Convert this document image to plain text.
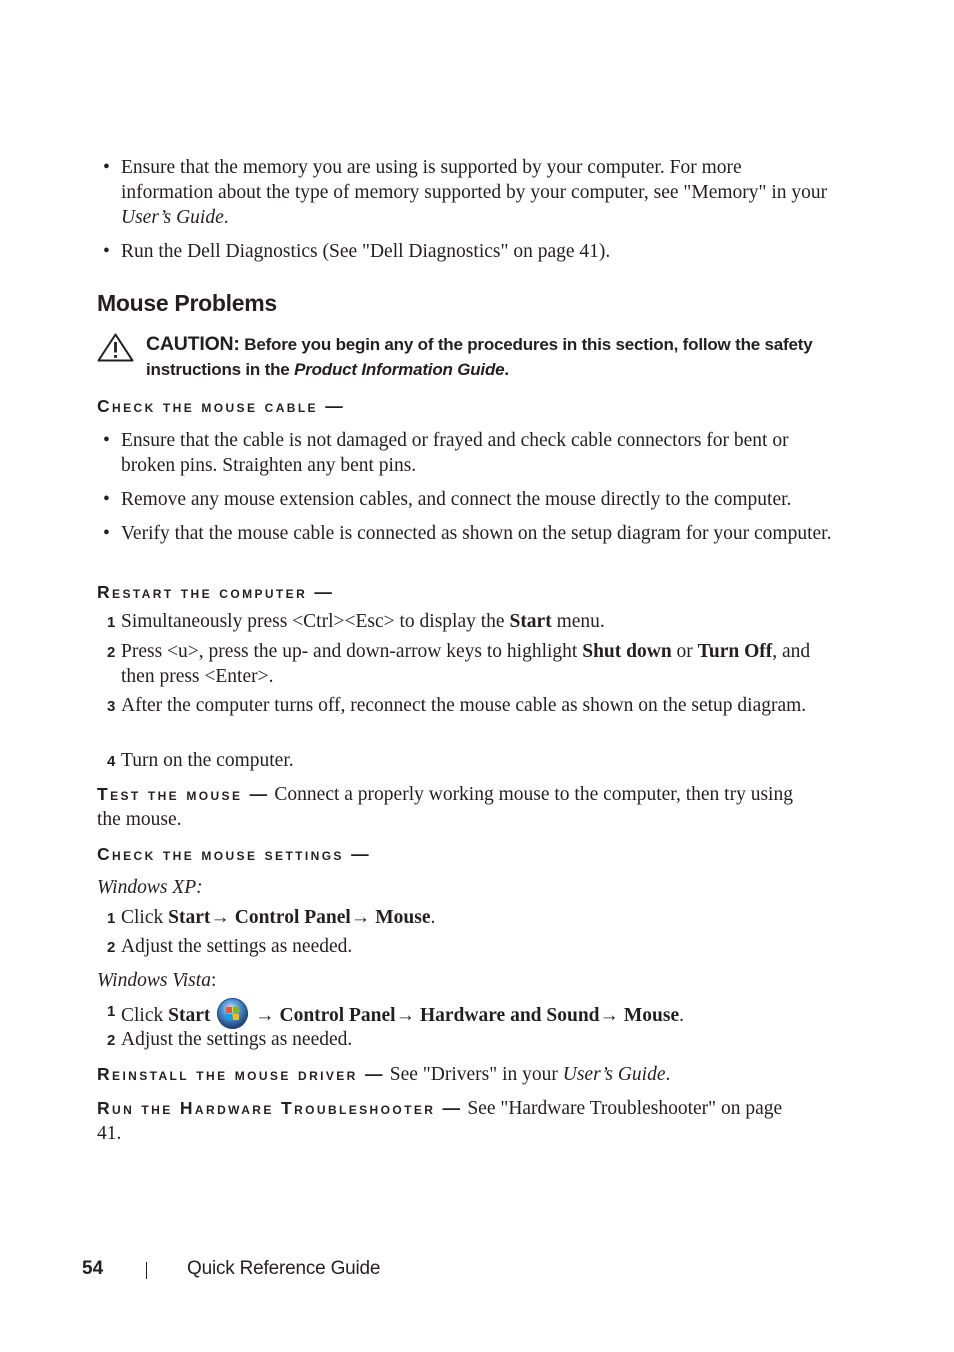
• Ensure that the memory you are using is supported by your computer. For more information about the type of memory supported by your computer, see "Memory" in your User’s Guide.
• Run the Dell Diagnostics (See "Dell Diagnostics" on page 41).
Mouse Problems
CAUTION: Before you begin any of the procedures in this section, follow the safety instructions in the Product Information Guide.
Check the mouse cable —
• Ensure that the cable is not damaged or frayed and check cable connectors for bent or broken pins. Straighten any bent pins.
• Remove any mouse extension cables, and connect the mouse directly to the computer.
• Verify that the mouse cable is connected as shown on the setup diagram for your computer.
Restart the computer —
1 Simultaneously press <Ctrl><Esc> to display the Start menu.
2 Press <u>, press the up- and down-arrow keys to highlight Shut down or Turn Off, and then press <Enter>.
3 After the computer turns off, reconnect the mouse cable as shown on the setup diagram.
4 Turn on the computer.
Test the mouse — Connect a properly working mouse to the computer, then try using the mouse.
Check the mouse settings —
Windows XP:
1 Click Start→ Control Panel→ Mouse.
2 Adjust the settings as needed.
Windows Vista:
1 Click Start
→ Control Panel→ Hardware and Sound→ Mouse.
2 Adjust the settings as needed.
Reinstall the mouse driver — See "Drivers" in your User’s Guide.
Run the Hardware Troubleshooter — See "Hardware Troubleshooter" on page 41.
54	Quick Reference Guide
